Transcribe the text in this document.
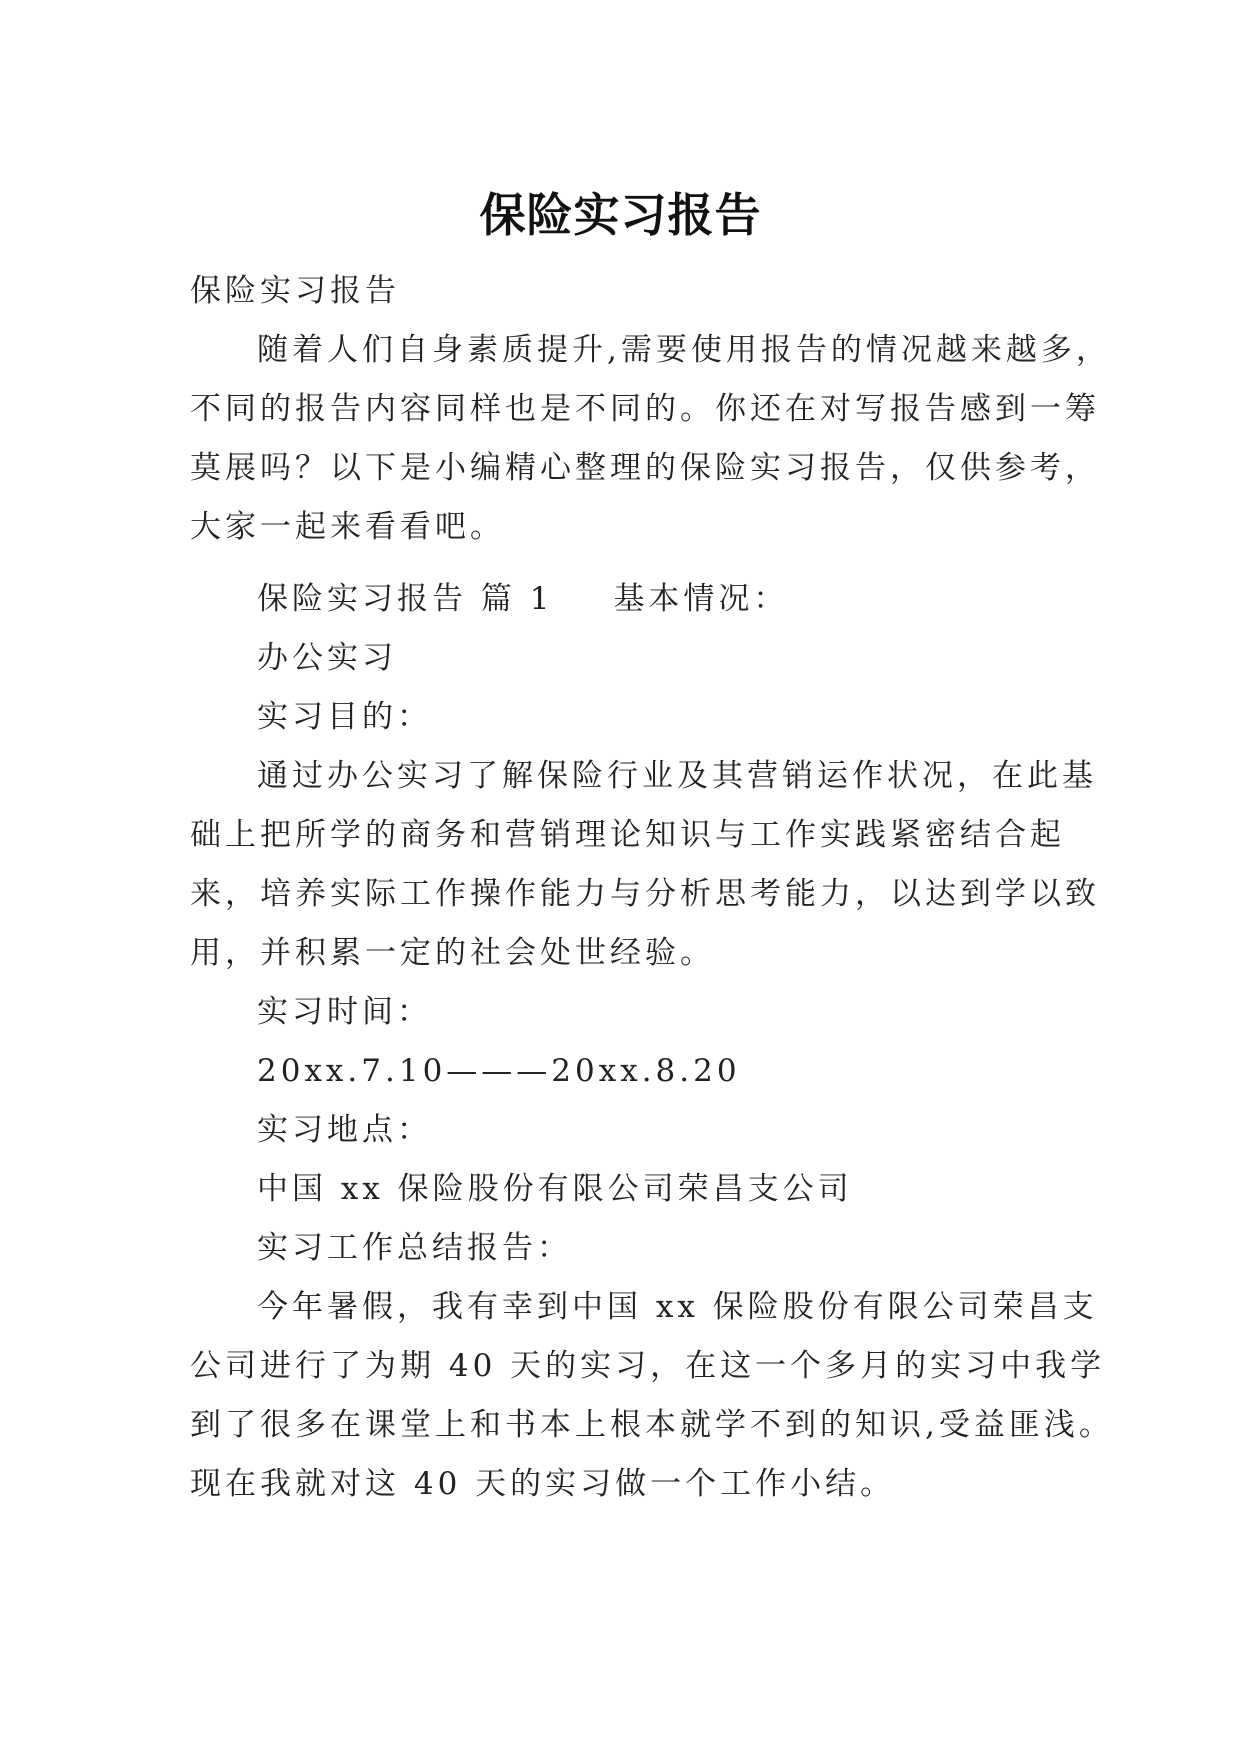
保险实习报告

保险实习报告

随着人们自身素质提升,需要使用报告的情况越来越多，

不同的报告内容同样也是不同的。你还在对写报告感到一筹

莫展吗？以下是小编精心整理的保险实习报告，仅供参考，

大家一起来看看吧。

保险实习报告 篇 1 基本情况：

办公实习

实习目的：

通过办公实习了解保险行业及其营销运作状况，在此基

础上把所学的商务和营销理论知识与工作实践紧密结合起

来，培养实际工作操作能力与分析思考能力，以达到学以致

用，并积累一定的社会处世经验。

实习时间：

20xx.7.10———20xx.8.20

实习地点：

中国 xx 保险股份有限公司荣昌支公司

实习工作总结报告：

今年暑假，我有幸到中国 xx 保险股份有限公司荣昌支

公司进行了为期 40 天的实习，在这一个多月的实习中我学

到了很多在课堂上和书本上根本就学不到的知识,受益匪浅。

现在我就对这 40 天的实习做一个工作小结。
